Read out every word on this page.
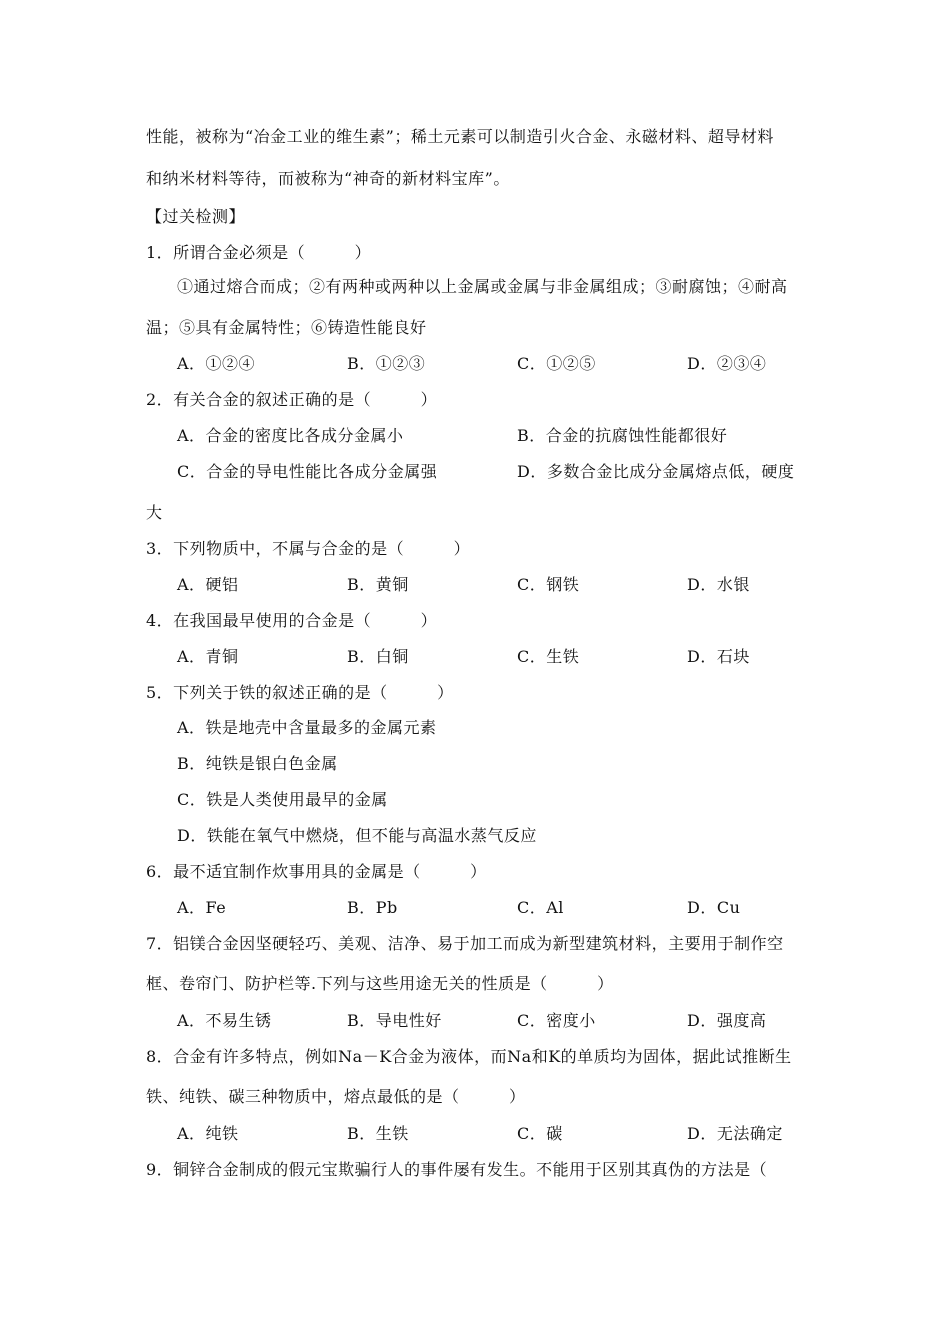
性能，被称为“冶金工业的维生素”；稀土元素可以制造引火合金、永磁材料、超导材料
和纳米材料等待，而被称为“神奇的新材料宝库”。
【过关检测】
1．所谓合金必须是（　　　）
①通过熔合而成；②有两种或两种以上金属或金属与非金属组成；③耐腐蚀；④耐高
温；⑤具有金属特性；⑥铸造性能良好
A．①②④	B．①②③	C．①②⑤	D．②③④
2．有关合金的叙述正确的是（　　　）
A．合金的密度比各成分金属小	B．合金的抗腐蚀性能都很好
C．合金的导电性能比各成分金属强	D．多数合金比成分金属熔点低，硬度
大
3．下列物质中，不属与合金的是（　　　）
A．硬铝	B．黄铜	C．钢铁	D．水银
4．在我国最早使用的合金是（　　　）
A．青铜	B．白铜	C．生铁	D．石块
5．下列关于铁的叙述正确的是（　　　）
A．铁是地壳中含量最多的金属元素
B．纯铁是银白色金属
C．铁是人类使用最早的金属
D．铁能在氧气中燃烧，但不能与高温水蒸气反应
6．最不适宜制作炊事用具的金属是（　　　）
A．Fe	B．Pb	C．Al	D．Cu
7．铝镁合金因坚硬轻巧、美观、洁净、易于加工而成为新型建筑材料，主要用于制作空
框、卷帘门、防护栏等.下列与这些用途无关的性质是（　　　）
A．不易生锈	B．导电性好	C．密度小	D．强度高
8．合金有许多特点，例如Na－K合金为液体，而Na和K的单质均为固体，据此试推断生
铁、纯铁、碳三种物质中，熔点最低的是（　　　）
A．纯铁	B．生铁	C．碳	D．无法确定
9．铜锌合金制成的假元宝欺骗行人的事件屡有发生。不能用于区别其真伪的方法是（
